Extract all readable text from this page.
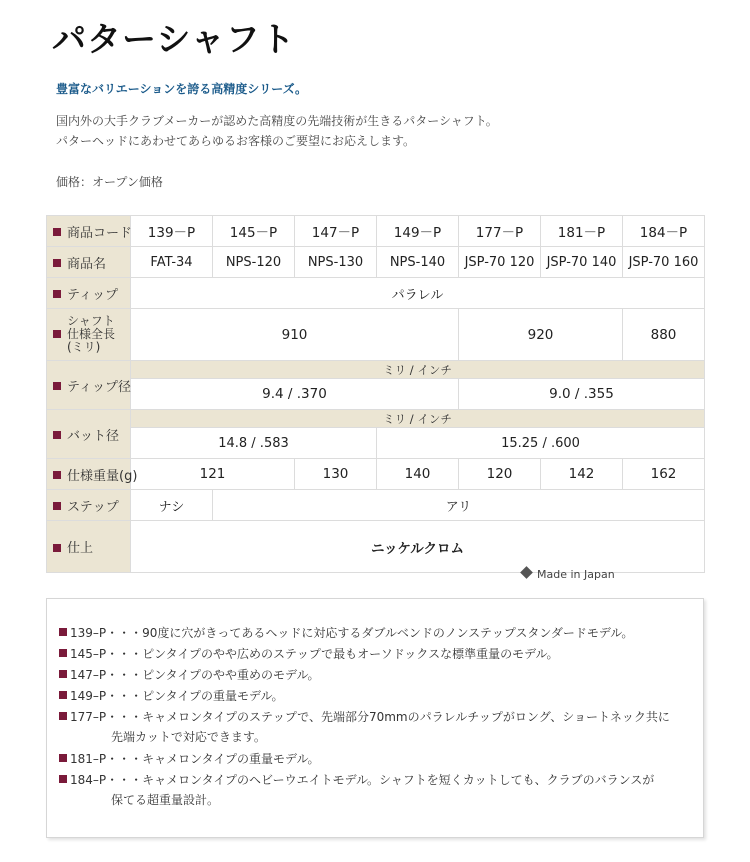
パターシャフト
豊富なバリエーションを誇る高精度シリーズ。
国内外の大手クラブメーカーが認めた高精度の先端技術が生きるパターシャフト。
パターヘッドにあわせてあらゆるお客様のご要望にお応えします。
価格：オープン価格
商品コード	139－P	145－P	147－P	149－P	177－P	181－P	184－P
商品名	FAT-34	NPS-120	NPS-130	NPS-140	JSP-70 120	JSP-70 140	JSP-70 160
ティップ	パラレル						
シャフト
仕様全長
(ミリ)	910				920		880
ティップ径	ミリ / インチ						
	9.4 / .370				9.0 / .355		
バット径	ミリ / インチ						
	14.8 / .583			15.25 / .600			
仕様重量(g)	121		130	140	120	142	162
ステップ	ナシ	アリ					
仕上	ニッケルクロム						
Made in Japan
139–P・・・90度に穴がきってあるヘッドに対応するダブルベンドのノンステップスタンダードモデル。
145–P・・・ピンタイプのやや広めのステップで最もオーソドックスな標準重量のモデル。
147–P・・・ピンタイプのやや重めのモデル。
149–P・・・ピンタイプの重量モデル。
177–P・・・キャメロンタイプのステップで、先端部分70mmのパラレルチップがロング、ショートネック共に
先端カットで対応できます。
181–P・・・キャメロンタイプの重量モデル。
184–P・・・キャメロンタイプのヘビーウエイトモデル。シャフトを短くカットしても、クラブのバランスが
保てる超重量設計。
